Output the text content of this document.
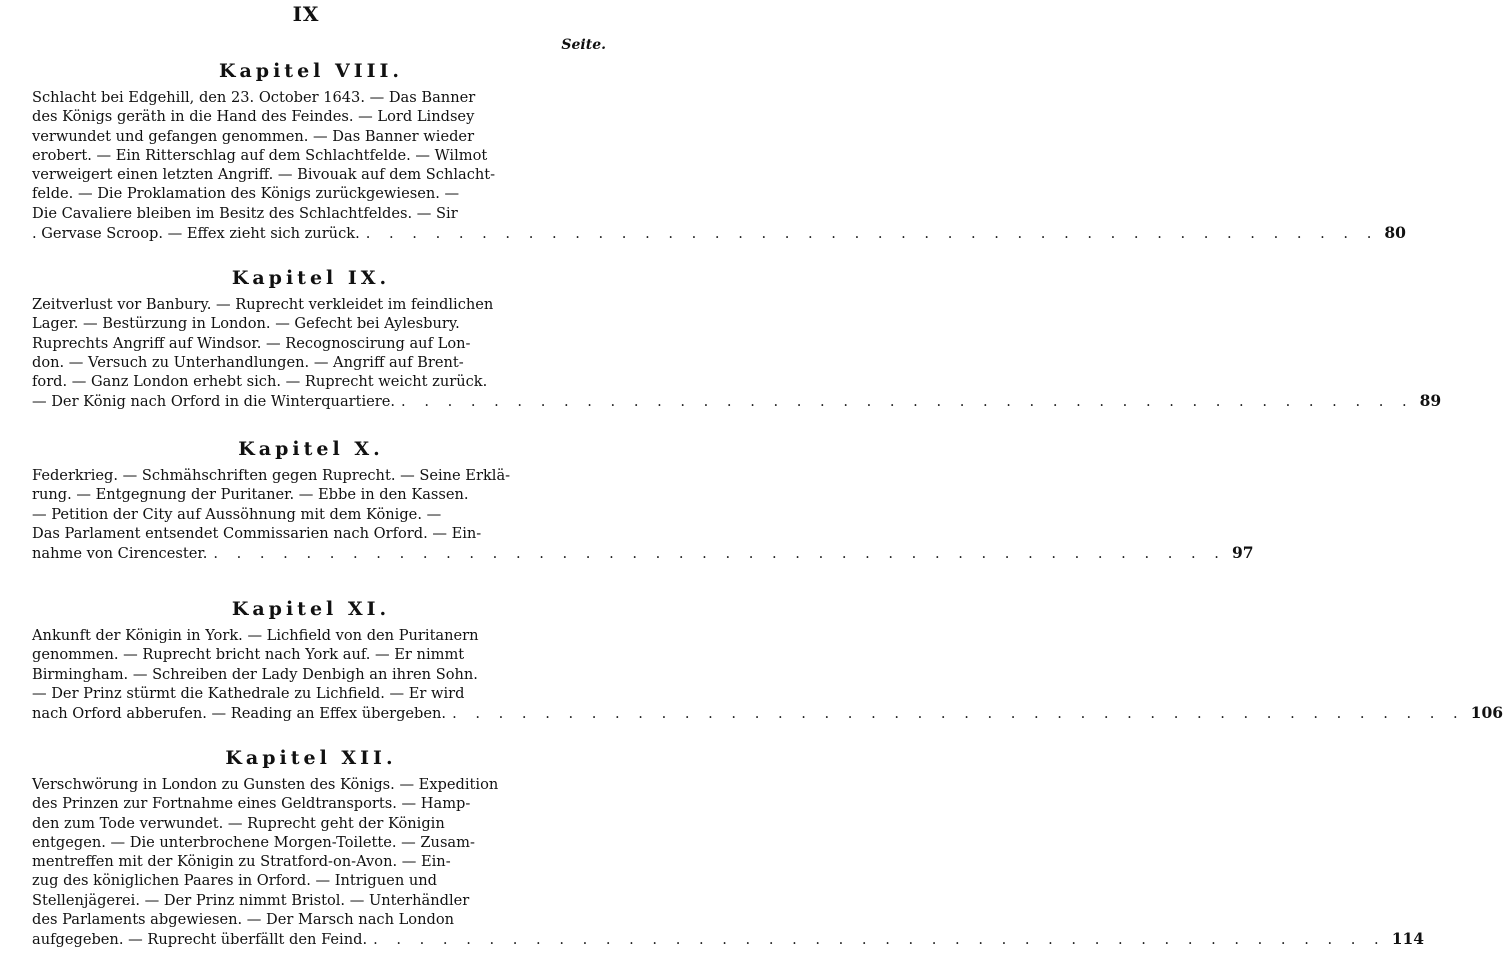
IX
Seite.
Kapitel VIII.
Schlacht bei Edgehill, den 23. October 1643. — Das Banner
des Königs geräth in die Hand des Feindes. — Lord Lindsey
verwundet und gefangen genommen. — Das Banner wieder
erobert. — Ein Ritterschlag auf dem Schlachtfelde. — Wilmot
verweigert einen letzten Angriff. — Bivouak auf dem Schlacht-
felde. — Die Proklamation des Königs zurückgewiesen. —
Die Cavaliere bleiben im Besitz des Schlachtfeldes. — Sir
. Gervase Scroop. — Effex zieht sich zurück. . . . . . . . . . . . . . . . . . . . . . . . . . . . . . . . . . . . . . . . . . . . . 80
Kapitel IX.
Zeitverlust vor Banbury. — Ruprecht verkleidet im feindlichen
Lager. — Bestürzung in London. — Gefecht bei Aylesbury.
Ruprechts Angriff auf Windsor. — Recognoscirung auf Lon-
don. — Versuch zu Unterhandlungen. — Angriff auf Brent-
ford. — Ganz London erhebt sich. — Ruprecht weicht zurück.
— Der König nach Orford in die Winterquartiere. . . . . . . . . . . . . . . . . . . . . . . . . . . . . . . . . . . . . . . . . . . . . 89
Kapitel X.
Federkrieg. — Schmähschriften gegen Ruprecht. — Seine Erklä-
rung. — Entgegnung der Puritaner. — Ebbe in den Kassen.
— Petition der City auf Aussöhnung mit dem Könige. —
Das Parlament entsendet Commissarien nach Orford. — Ein-
nahme von Cirencester. . . . . . . . . . . . . . . . . . . . . . . . . . . . . . . . . . . . . . . . . . . . . 97
Kapitel XI.
Ankunft der Königin in York. — Lichfield von den Puritanern
genommen. — Ruprecht bricht nach York auf. — Er nimmt
Birmingham. — Schreiben der Lady Denbigh an ihren Sohn.
— Der Prinz stürmt die Kathedrale zu Lichfield. — Er wird
nach Orford abberufen. — Reading an Effex übergeben. . . . . . . . . . . . . . . . . . . . . . . . . . . . . . . . . . . . . . . . . . . . . 106
Kapitel XII.
Verschwörung in London zu Gunsten des Königs. — Expedition
des Prinzen zur Fortnahme eines Geldtransports. — Hamp-
den zum Tode verwundet. — Ruprecht geht der Königin
entgegen. — Die unterbrochene Morgen-Toilette. — Zusam-
mentreffen mit der Königin zu Stratford-on-Avon. — Ein-
zug des königlichen Paares in Orford. — Intriguen und
Stellenjägerei. — Der Prinz nimmt Bristol. — Unterhändler
des Parlaments abgewiesen. — Der Marsch nach London
aufgegeben. — Ruprecht überfällt den Feind. . . . . . . . . . . . . . . . . . . . . . . . . . . . . . . . . . . . . . . . . . . . . 114
